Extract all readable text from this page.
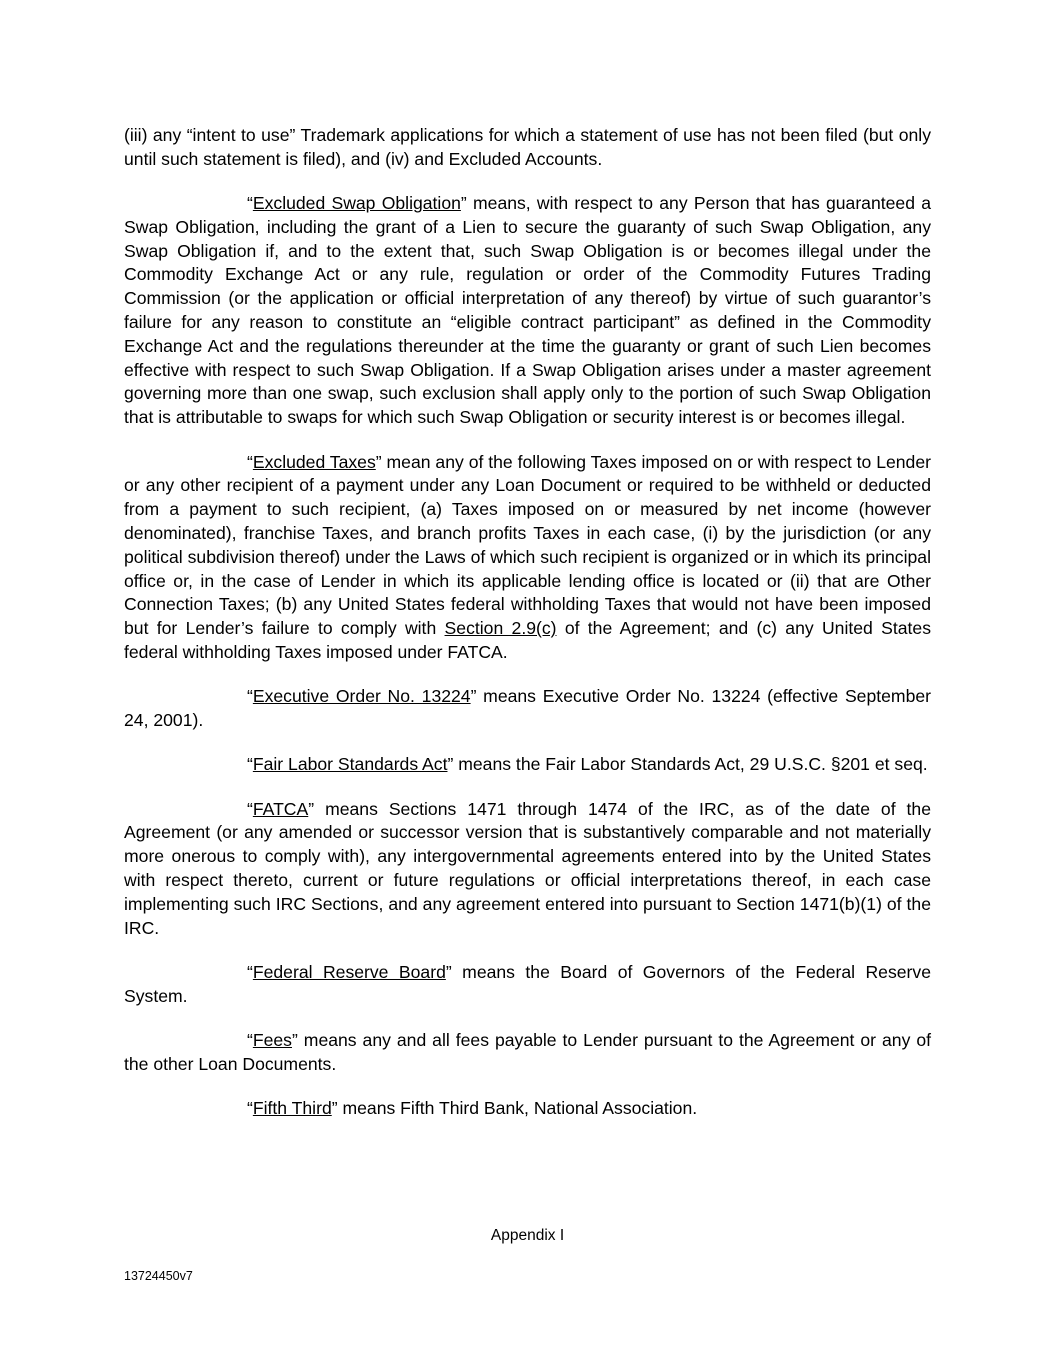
(iii) any “intent to use” Trademark applications for which a statement of use has not been filed (but only until such statement is filed), and (iv) and Excluded Accounts.

“Excluded Swap Obligation” means, with respect to any Person that has guaranteed a Swap Obligation, including the grant of a Lien to secure the guaranty of such Swap Obligation, any Swap Obligation if, and to the extent that, such Swap Obligation is or becomes illegal under the Commodity Exchange Act or any rule, regulation or order of the Commodity Futures Trading Commission (or the application or official interpretation of any thereof) by virtue of such guarantor’s failure for any reason to constitute an “eligible contract participant” as defined in the Commodity Exchange Act and the regulations thereunder at the time the guaranty or grant of such Lien becomes effective with respect to such Swap Obligation. If a Swap Obligation arises under a master agreement governing more than one swap, such exclusion shall apply only to the portion of such Swap Obligation that is attributable to swaps for which such Swap Obligation or security interest is or becomes illegal.

“Excluded Taxes” mean any of the following Taxes imposed on or with respect to Lender or any other recipient of a payment under any Loan Document or required to be withheld or deducted from a payment to such recipient, (a) Taxes imposed on or measured by net income (however denominated), franchise Taxes, and branch profits Taxes in each case, (i) by the jurisdiction (or any political subdivision thereof) under the Laws of which such recipient is organized or in which its principal office or, in the case of Lender in which its applicable lending office is located or (ii) that are Other Connection Taxes; (b) any United States federal withholding Taxes that would not have been imposed but for Lender’s failure to comply with Section 2.9(c) of the Agreement; and (c) any United States federal withholding Taxes imposed under FATCA.

“Executive Order No. 13224” means Executive Order No. 13224 (effective September 24, 2001).

“Fair Labor Standards Act” means the Fair Labor Standards Act, 29 U.S.C. §201 et seq.

“FATCA” means Sections 1471 through 1474 of the IRC, as of the date of the Agreement (or any amended or successor version that is substantively comparable and not materially more onerous to comply with), any intergovernmental agreements entered into by the United States with respect thereto, current or future regulations or official interpretations thereof, in each case implementing such IRC Sections, and any agreement entered into pursuant to Section 1471(b)(1) of the IRC.

“Federal Reserve Board” means the Board of Governors of the Federal Reserve System.

“Fees” means any and all fees payable to Lender pursuant to the Agreement or any of the other Loan Documents.

“Fifth Third” means Fifth Third Bank, National Association.

Appendix I
13724450v7
